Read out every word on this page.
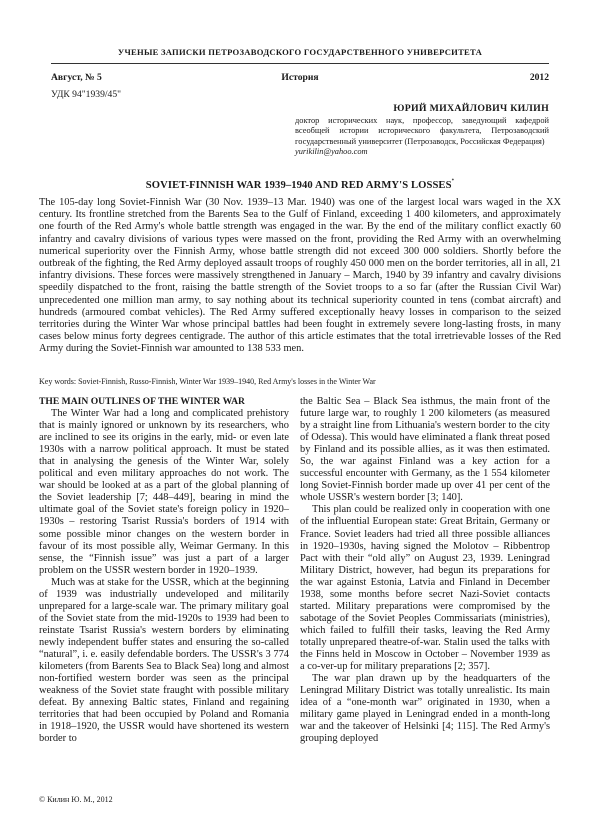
УЧЕНЫЕ ЗАПИСКИ ПЕТРОЗАВОДСКОГО ГОСУДАРСТВЕННОГО УНИВЕРСИТЕТА
Август, № 5	История	2012
УДК 94"1939/45"
ЮРИЙ МИХАЙЛОВИЧ КИЛИН
доктор исторических наук, профессор, заведующий кафедрой всеобщей истории исторического факультета, Петрозаводский государственный университет (Петрозаводск, Российская Федерация)
yurikilin@yahoo.com
SOVIET-FINNISH WAR 1939–1940 AND RED ARMY'S LOSSES*
The 105-day long Soviet-Finnish War (30 Nov. 1939–13 Mar. 1940) was one of the largest local wars waged in the XX century. Its frontline stretched from the Barents Sea to the Gulf of Finland, exceeding 1 400 kilometers, and approximately one fourth of the Red Army's whole battle strength was engaged in the war. By the end of the military conflict exactly 60 infantry and cavalry divisions of various types were massed on the front, providing the Red Army with an overwhelming numerical superiority over the Finnish Army, whose battle strength did not exceed 300 000 soldiers. Shortly before the outbreak of the fighting, the Red Army deployed assault troops of roughly 450 000 men on the border territories, all in all, 21 infantry divisions. These forces were massively strengthened in January – March, 1940 by 39 infantry and cavalry divisions speedily dispatched to the front, raising the battle strength of the Soviet troops to a so far (after the Russian Civil War) unprecedented one million man army, to say nothing about its technical superiority counted in tens (combat aircraft) and hundreds (armoured combat vehicles). The Red Army suffered exceptionally heavy losses in comparison to the seized territories during the Winter War whose principal battles had been fought in extremely severe long-lasting frosts, in many cases below minus forty degrees centigrade. The author of this article estimates that the total irretrievable losses of the Red Army during the Soviet-Finnish war amounted to 138 533 men.
Key words: Soviet-Finnish, Russo-Finnish, Winter War 1939–1940, Red Army's losses in the Winter War
THE MAIN OUTLINES OF THE WINTER WAR

The Winter War had a long and complicated prehistory that is mainly ignored or unknown by its researchers, who are inclined to see its origins in the early, mid- or even late 1930s with a narrow political approach. It must be stated that in analysing the genesis of the Winter War, solely political and even military approaches do not work. The war should be looked at as a part of the global planning of the Soviet leadership [7; 448–449], bearing in mind the ultimate goal of the Soviet state's foreign policy in 1920–1930s – restoring Tsarist Russia's borders of 1914 with some possible minor changes on the western border in favour of its most possible ally, Weimar Germany. In this sense, the “Finnish issue” was just a part of a larger problem on the USSR western border in 1920–1939.

Much was at stake for the USSR, which at the beginning of 1939 was industrially undeveloped and militarily unprepared for a large-scale war. The primary military goal of the Soviet state from the mid-1920s to 1939 had been to reinstate Tsarist Russia's western borders by eliminating newly independent buffer states and ensuring the so-called “natural”, i. e. easily defendable borders. The USSR's 3 774 kilometers (from Barents Sea to Black Sea) long and almost non-fortified western border was seen as the principal weakness of the Soviet state fraught with possible military defeat. By annexing Baltic states, Finland and regaining territories that had been occupied by Poland and Romania in 1918–1920, the USSR would have shortened its western border to

the Baltic Sea – Black Sea isthmus, the main front of the future large war, to roughly 1 200 kilometers (as measured by a straight line from Lithuania's western border to the city of Odessa). This would have eliminated a flank threat posed by Finland and its possible allies, as it was then estimated. So, the war against Finland was a key action for a successful encounter with Germany, as the 1 554 kilometer long Soviet-Finnish border made up over 41 per cent of the whole USSR's western border [3; 140].

This plan could be realized only in cooperation with one of the influential European state: Great Britain, Germany or France. Soviet leaders had tried all three possible alliances in 1920–1930s, having signed the Molotov – Ribbentrop Pact with their “old ally” on August 23, 1939. Leningrad Military District, however, had begun its preparations for the war against Estonia, Latvia and Finland in December 1938, some months before secret Nazi-Soviet contacts started. Military preparations were compromised by the sabotage of the Soviet Peoples Commissariats (ministries), which failed to fulfill their tasks, leaving the Red Army totally unprepared theatre-of-war. Stalin used the talks with the Finns held in Moscow in October – November 1939 as a co-ver-up for military preparations [2; 357].

The war plan drawn up by the headquarters of the Leningrad Military District was totally unrealistic. Its main idea of a “one-month war” originated in 1930, when a military game played in Leningrad ended in a month-long war and the takeover of Helsinki [4; 115]. The Red Army's grouping deployed

© Килин Ю. М., 2012
